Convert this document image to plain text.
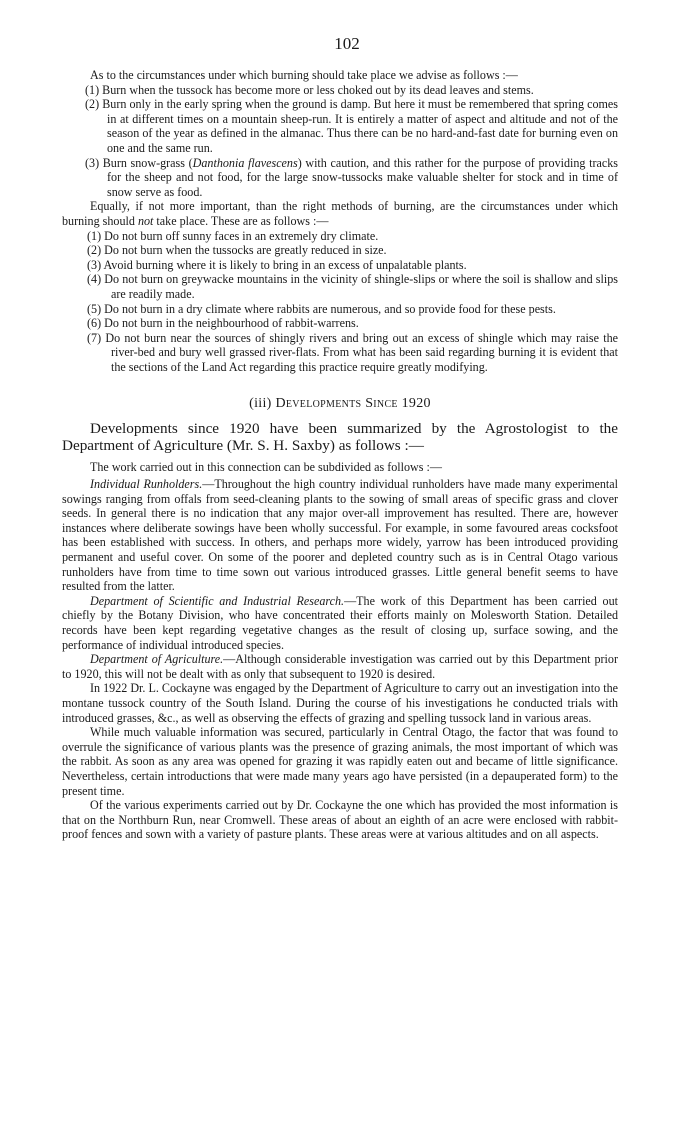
102

As to the circumstances under which burning should take place we advise as follows :—

(1) Burn when the tussock has become more or less choked out by its dead leaves and stems.
(2) Burn only in the early spring when the ground is damp. But here it must be remembered that spring comes in at different times on a mountain sheep-run. It is entirely a matter of aspect and altitude and not of the season of the year as defined in the almanac. Thus there can be no hard-and-fast date for burning even on one and the same run.
(3) Burn snow-grass (Danthonia flavescens) with caution, and this rather for the purpose of providing tracks for the sheep and not food, for the large snow-tussocks make valuable shelter for stock and in time of snow serve as food.

Equally, if not more important, than the right methods of burning, are the circumstances under which burning should not take place. These are as follows :—

(1) Do not burn off sunny faces in an extremely dry climate.
(2) Do not burn when the tussocks are greatly reduced in size.
(3) Avoid burning where it is likely to bring in an excess of unpalatable plants.
(4) Do not burn on greywacke mountains in the vicinity of shingle-slips or where the soil is shallow and slips are readily made.
(5) Do not burn in a dry climate where rabbits are numerous, and so provide food for these pests.
(6) Do not burn in the neighbourhood of rabbit-warrens.
(7) Do not burn near the sources of shingly rivers and bring out an excess of shingle which may raise the river-bed and bury well grassed river-flats. From what has been said regarding burning it is evident that the sections of the Land Act regarding this practice require greatly modifying.
(iii) Developments Since 1920

Developments since 1920 have been summarized by the Agrostologist to the Department of Agriculture (Mr. S. H. Saxby) as follows :—

The work carried out in this connection can be subdivided as follows :—

Individual Runholders.—Throughout the high country individual runholders have made many experimental sowings ranging from offals from seed-cleaning plants to the sowing of small areas of specific grass and clover seeds. In general there is no indication that any major over-all improvement has resulted. There are, however instances where deliberate sowings have been wholly successful. For example, in some favoured areas cocksfoot has been established with success. In others, and perhaps more widely, yarrow has been introduced providing permanent and useful cover. On some of the poorer and depleted country such as is in Central Otago various runholders have from time to time sown out various introduced grasses. Little general benefit seems to have resulted from the latter.

Department of Scientific and Industrial Research.—The work of this Department has been carried out chiefly by the Botany Division, who have concentrated their efforts mainly on Molesworth Station. Detailed records have been kept regarding vegetative changes as the result of closing up, surface sowing, and the performance of individual introduced species.

Department of Agriculture.—Although considerable investigation was carried out by this Department prior to 1920, this will not be dealt with as only that subsequent to 1920 is desired.

In 1922 Dr. L. Cockayne was engaged by the Department of Agriculture to carry out an investigation into the montane tussock country of the South Island. During the course of his investigations he conducted trials with introduced grasses, &c., as well as observing the effects of grazing and spelling tussock land in various areas.

While much valuable information was secured, particularly in Central Otago, the factor that was found to overrule the significance of various plants was the presence of grazing animals, the most important of which was the rabbit. As soon as any area was opened for grazing it was rapidly eaten out and became of little significance. Nevertheless, certain introductions that were made many years ago have persisted (in a depauperated form) to the present time.

Of the various experiments carried out by Dr. Cockayne the one which has provided the most information is that on the Northburn Run, near Cromwell. These areas of about an eighth of an acre were enclosed with rabbit-proof fences and sown with a variety of pasture plants. These areas were at various altitudes and on all aspects.
